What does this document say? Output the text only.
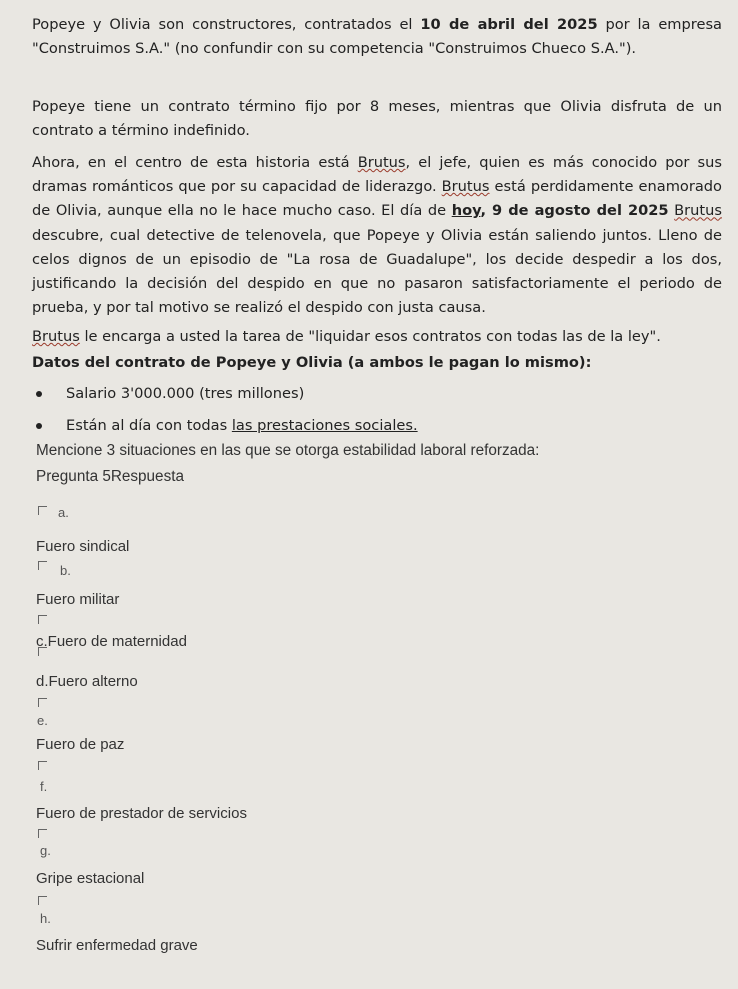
Popeye y Olivia son constructores, contratados el 10 de abril del 2025 por la empresa "Construimos S.A." (no confundir con su competencia "Construimos Chueco S.A.").
Popeye tiene un contrato término fijo por 8 meses, mientras que Olivia disfruta de un contrato a término indefinido.
Ahora, en el centro de esta historia está Brutus, el jefe, quien es más conocido por sus dramas románticos que por su capacidad de liderazgo. Brutus está perdidamente enamorado de Olivia, aunque ella no le hace mucho caso. El día de hoy, 9 de agosto del 2025 Brutus descubre, cual detective de telenovela, que Popeye y Olivia están saliendo juntos. Lleno de celos dignos de un episodio de "La rosa de Guadalupe", los decide despedir a los dos, justificando la decisión del despido en que no pasaron satisfactoriamente el periodo de prueba, y por tal motivo se realizó el despido con justa causa.
Brutus le encarga a usted la tarea de "liquidar esos contratos con todas las de la ley".
Datos del contrato de Popeye y Olivia (a ambos le pagan lo mismo):
Salario 3'000.000 (tres millones)
Están al día con todas las prestaciones sociales.
Mencione 3 situaciones en las que se otorga estabilidad laboral reforzada:
Pregunta 5Respuesta
a.
Fuero sindical
b.
Fuero militar
c.Fuero de maternidad
d.Fuero alterno
e.
Fuero de paz
f.
Fuero de prestador de servicios
g.
Gripe estacional
h.
Sufrir enfermedad grave
